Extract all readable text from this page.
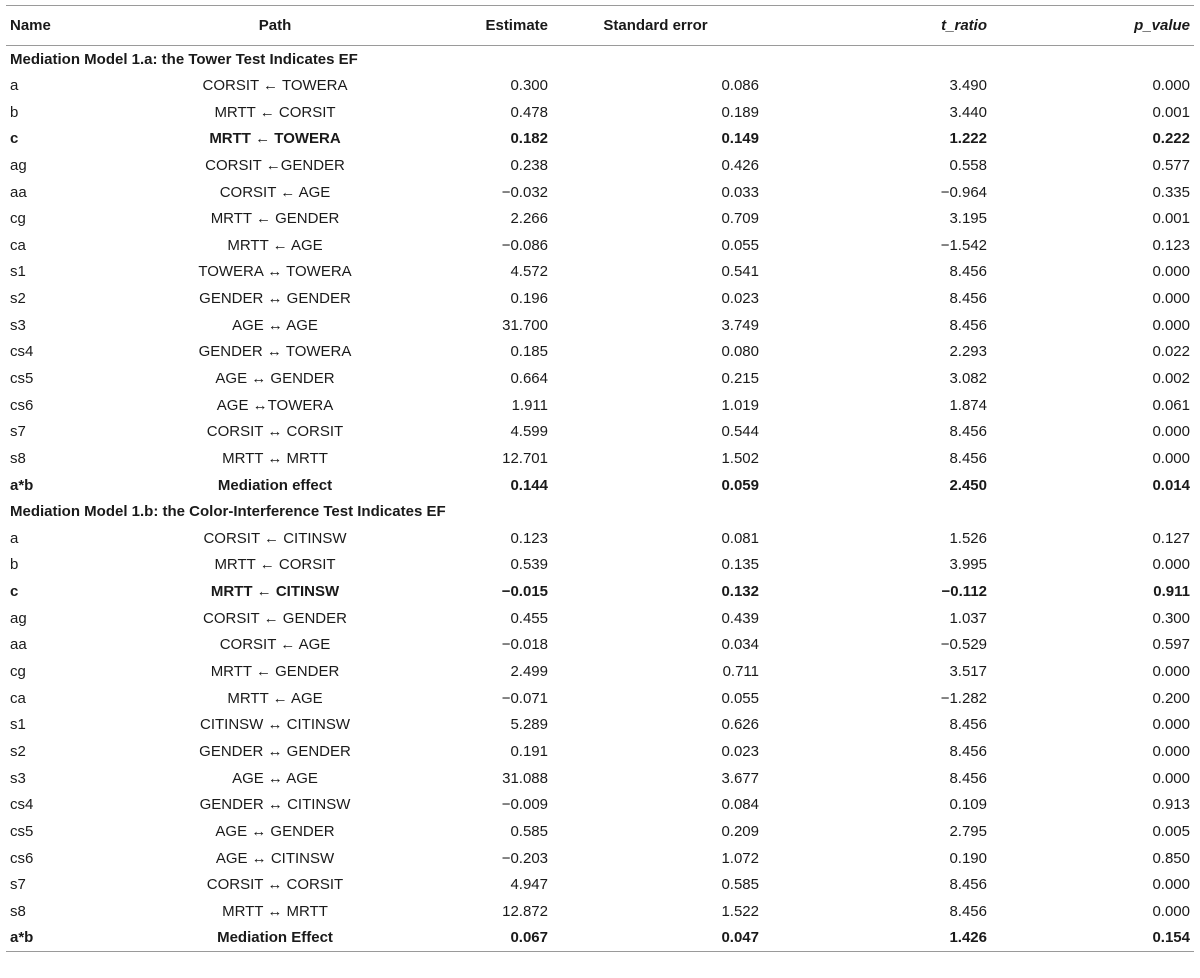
Name	Path	Estimate	Standard error	t_ratio	p_value
Mediation Model 1.a: the Tower Test Indicates EF					
a	CORSIT ← TOWERA	0.300	0.086	3.490	0.000
b	MRTT ← CORSIT	0.478	0.189	3.440	0.001
c	MRTT ← TOWERA	0.182	0.149	1.222	0.222
ag	CORSIT ←GENDER	0.238	0.426	0.558	0.577
aa	CORSIT ← AGE	−0.032	0.033	−0.964	0.335
cg	MRTT ← GENDER	2.266	0.709	3.195	0.001
ca	MRTT ← AGE	−0.086	0.055	−1.542	0.123
s1	TOWERA ↔ TOWERA	4.572	0.541	8.456	0.000
s2	GENDER ↔ GENDER	0.196	0.023	8.456	0.000
s3	AGE ↔ AGE	31.700	3.749	8.456	0.000
cs4	GENDER ↔ TOWERA	0.185	0.080	2.293	0.022
cs5	AGE ↔ GENDER	0.664	0.215	3.082	0.002
cs6	AGE ↔TOWERA	1.911	1.019	1.874	0.061
s7	CORSIT ↔ CORSIT	4.599	0.544	8.456	0.000
s8	MRTT ↔ MRTT	12.701	1.502	8.456	0.000
a*b	Mediation effect	0.144	0.059	2.450	0.014
Mediation Model 1.b: the Color-Interference Test Indicates EF					
a	CORSIT ← CITINSW	0.123	0.081	1.526	0.127
b	MRTT ← CORSIT	0.539	0.135	3.995	0.000
c	MRTT ← CITINSW	−0.015	0.132	−0.112	0.911
ag	CORSIT ← GENDER	0.455	0.439	1.037	0.300
aa	CORSIT ← AGE	−0.018	0.034	−0.529	0.597
cg	MRTT ← GENDER	2.499	0.711	3.517	0.000
ca	MRTT ← AGE	−0.071	0.055	−1.282	0.200
s1	CITINSW ↔ CITINSW	5.289	0.626	8.456	0.000
s2	GENDER ↔ GENDER	0.191	0.023	8.456	0.000
s3	AGE ↔ AGE	31.088	3.677	8.456	0.000
cs4	GENDER ↔ CITINSW	−0.009	0.084	0.109	0.913
cs5	AGE ↔ GENDER	0.585	0.209	2.795	0.005
cs6	AGE ↔ CITINSW	−0.203	1.072	0.190	0.850
s7	CORSIT ↔ CORSIT	4.947	0.585	8.456	0.000
s8	MRTT ↔ MRTT	12.872	1.522	8.456	0.000
a*b	Mediation Effect	0.067	0.047	1.426	0.154
